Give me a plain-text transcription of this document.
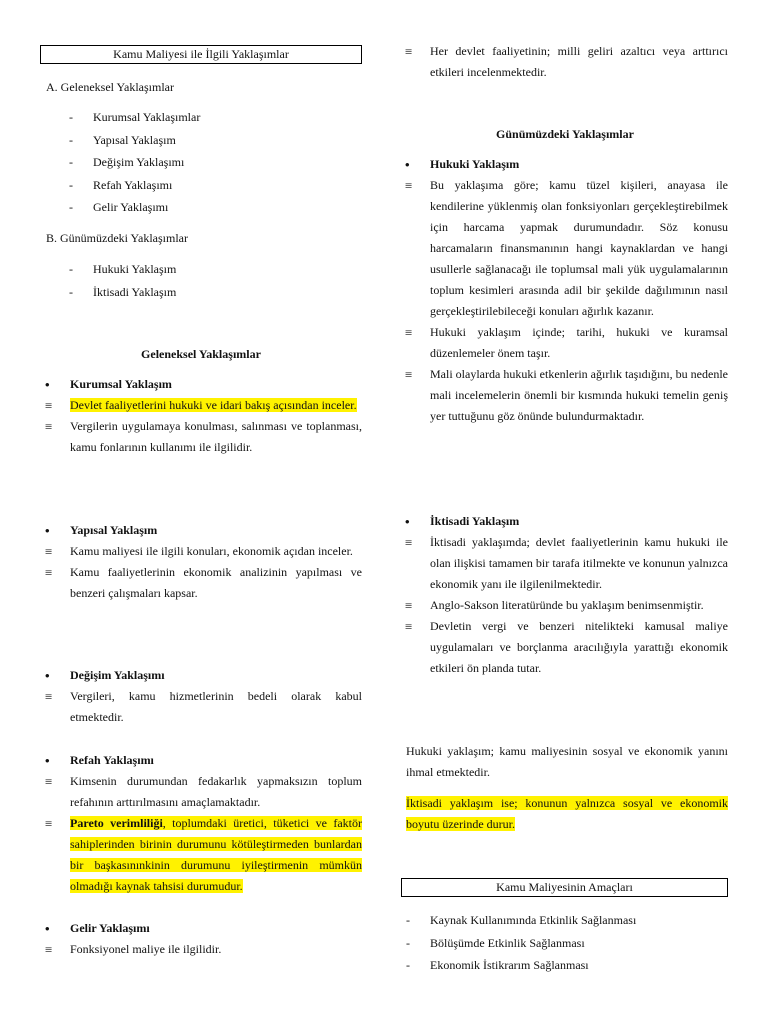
Kamu Maliyesi ile İlgili Yaklaşımlar
A. Geleneksel Yaklaşımlar
- Kurumsal Yaklaşımlar
- Yapısal Yaklaşım
- Değişim Yaklaşımı
- Refah Yaklaşımı
- Gelir Yaklaşımı
B. Günümüzdeki Yaklaşımlar
- Hukuki Yaklaşım
- İktisadi Yaklaşım
Geleneksel Yaklaşımlar
• Kurumsal Yaklaşım
≡ Devlet faaliyetlerini hukuki ve idari bakış açısından inceler.
≡ Vergilerin uygulamaya konulması, salınması ve toplanması, kamu fonlarının kullanımı ile ilgilidir.
• Yapısal Yaklaşım
≡ Kamu maliyesi ile ilgili konuları, ekonomik açıdan inceler.
≡ Kamu faaliyetlerinin ekonomik analizinin yapılması ve benzeri çalışmaları kapsar.
• Değişim Yaklaşımı
≡ Vergileri, kamu hizmetlerinin bedeli olarak kabul etmektedir.
• Refah Yaklaşımı
≡ Kimsenin durumundan fedakarlık yapmaksızın toplum refahının arttırılmasını amaçlamaktadır.
≡ Pareto verimliliği, toplumdaki üretici, tüketici ve faktör sahiplerinden birinin durumunu kötüleştirmeden bunlardan bir başkasınınkinin durumunu iyileştirmenin mümkün olmadığı kaynak tahsisi durumudur.
• Gelir Yaklaşımı
≡ Fonksiyonel maliye ile ilgilidir.
≡ Her devlet faaliyetinin; milli geliri azaltıcı veya arttırıcı etkileri incelenmektedir.
Günümüzdeki Yaklaşımlar
• Hukuki Yaklaşım
≡ Bu yaklaşıma göre; kamu tüzel kişileri, anayasa ile kendilerine yüklenmiş olan fonksiyonları gerçekleştirebilmek için harcama yapmak durumundadır. Söz konusu harcamaların finansmanının hangi kaynaklardan ve hangi usullerle sağlanacağı ile toplumsal mali yük uygulamalarının toplum kesimleri arasında adil bir şekilde dağılımının nasıl gerçekleştirilebileceği konuları ağırlık kazanır.
≡ Hukuki yaklaşım içinde; tarihi, hukuki ve kuramsal düzenlemeler önem taşır.
≡ Mali olaylarda hukuki etkenlerin ağırlık taşıdığını, bu nedenle mali incelemelerin önemli bir kısmında hukuki temelin geniş yer tuttuğunu göz önünde bulundurmaktadır.
• İktisadi Yaklaşım
≡ İktisadi yaklaşımda; devlet faaliyetlerinin kamu hukuki ile olan ilişkisi tamamen bir tarafa itilmekte ve konunun yalnızca ekonomik yanı ile ilgilenilmektedir.
≡ Anglo-Sakson literatüründe bu yaklaşım benimsenmiştir.
≡ Devletin vergi ve benzeri nitelikteki kamusal maliye uygulamaları ve borçlanma aracılığıyla yarattığı ekonomik etkileri ön planda tutar.
Hukuki yaklaşım; kamu maliyesinin sosyal ve ekonomik yanını ihmal etmektedir.
İktisadi yaklaşım ise; konunun yalnızca sosyal ve ekonomik boyutu üzerinde durur.
Kamu Maliyesinin Amaçları
- Kaynak Kullanımında Etkinlik Sağlanması
- Bölüşümde Etkinlik Sağlanması
- Ekonomik İstikrarım Sağlanması
